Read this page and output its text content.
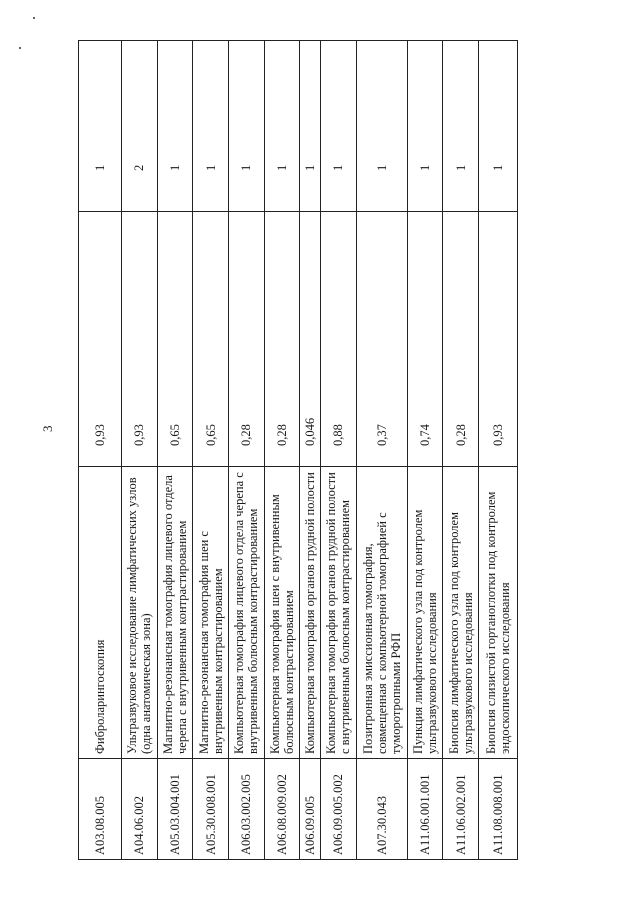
3
A03.08.005	Фиброларингоскопия	0,93	1
A04.06.002	Ультразвуковое исследование лимфатических узлов (одна анатомическая зона)	0,93	2
A05.03.004.001	Магнитно-резонансная томография лицевого отдела черепа с внутривенным контрастированием	0,65	1
A05.30.008.001	Магнитно-резонансная томография шеи с внутривенным контрастированием	0,65	1
A06.03.002.005	Компьютерная томография лицевого отдела черепа с внутривенным болюсным контрастированием	0,28	1
A06.08.009.002	Компьютерная томография шеи с внутривенным болюсным контрастированием	0,28	1
A06.09.005	Компьютерная томография органов грудной полости	0,046	1
A06.09.005.002	Компьютерная томография органов грудной полости с внутривенным болюсным контрастированием	0,88	1
A07.30.043	Позитронная эмиссионная томография, совмещенная с компьютерной томографией с туморотропными РФП	0,37	1
A11.06.001.001	Пункция лимфатического узла под контролем ультразвукового исследования	0,74	1
A11.06.002.001	Биопсия лимфатического узла под контролем ультразвукового исследования	0,28	1
A11.08.008.001	Биопсия слизистой гортаноглотки под контролем эндоскопического исследования	0,93	1
